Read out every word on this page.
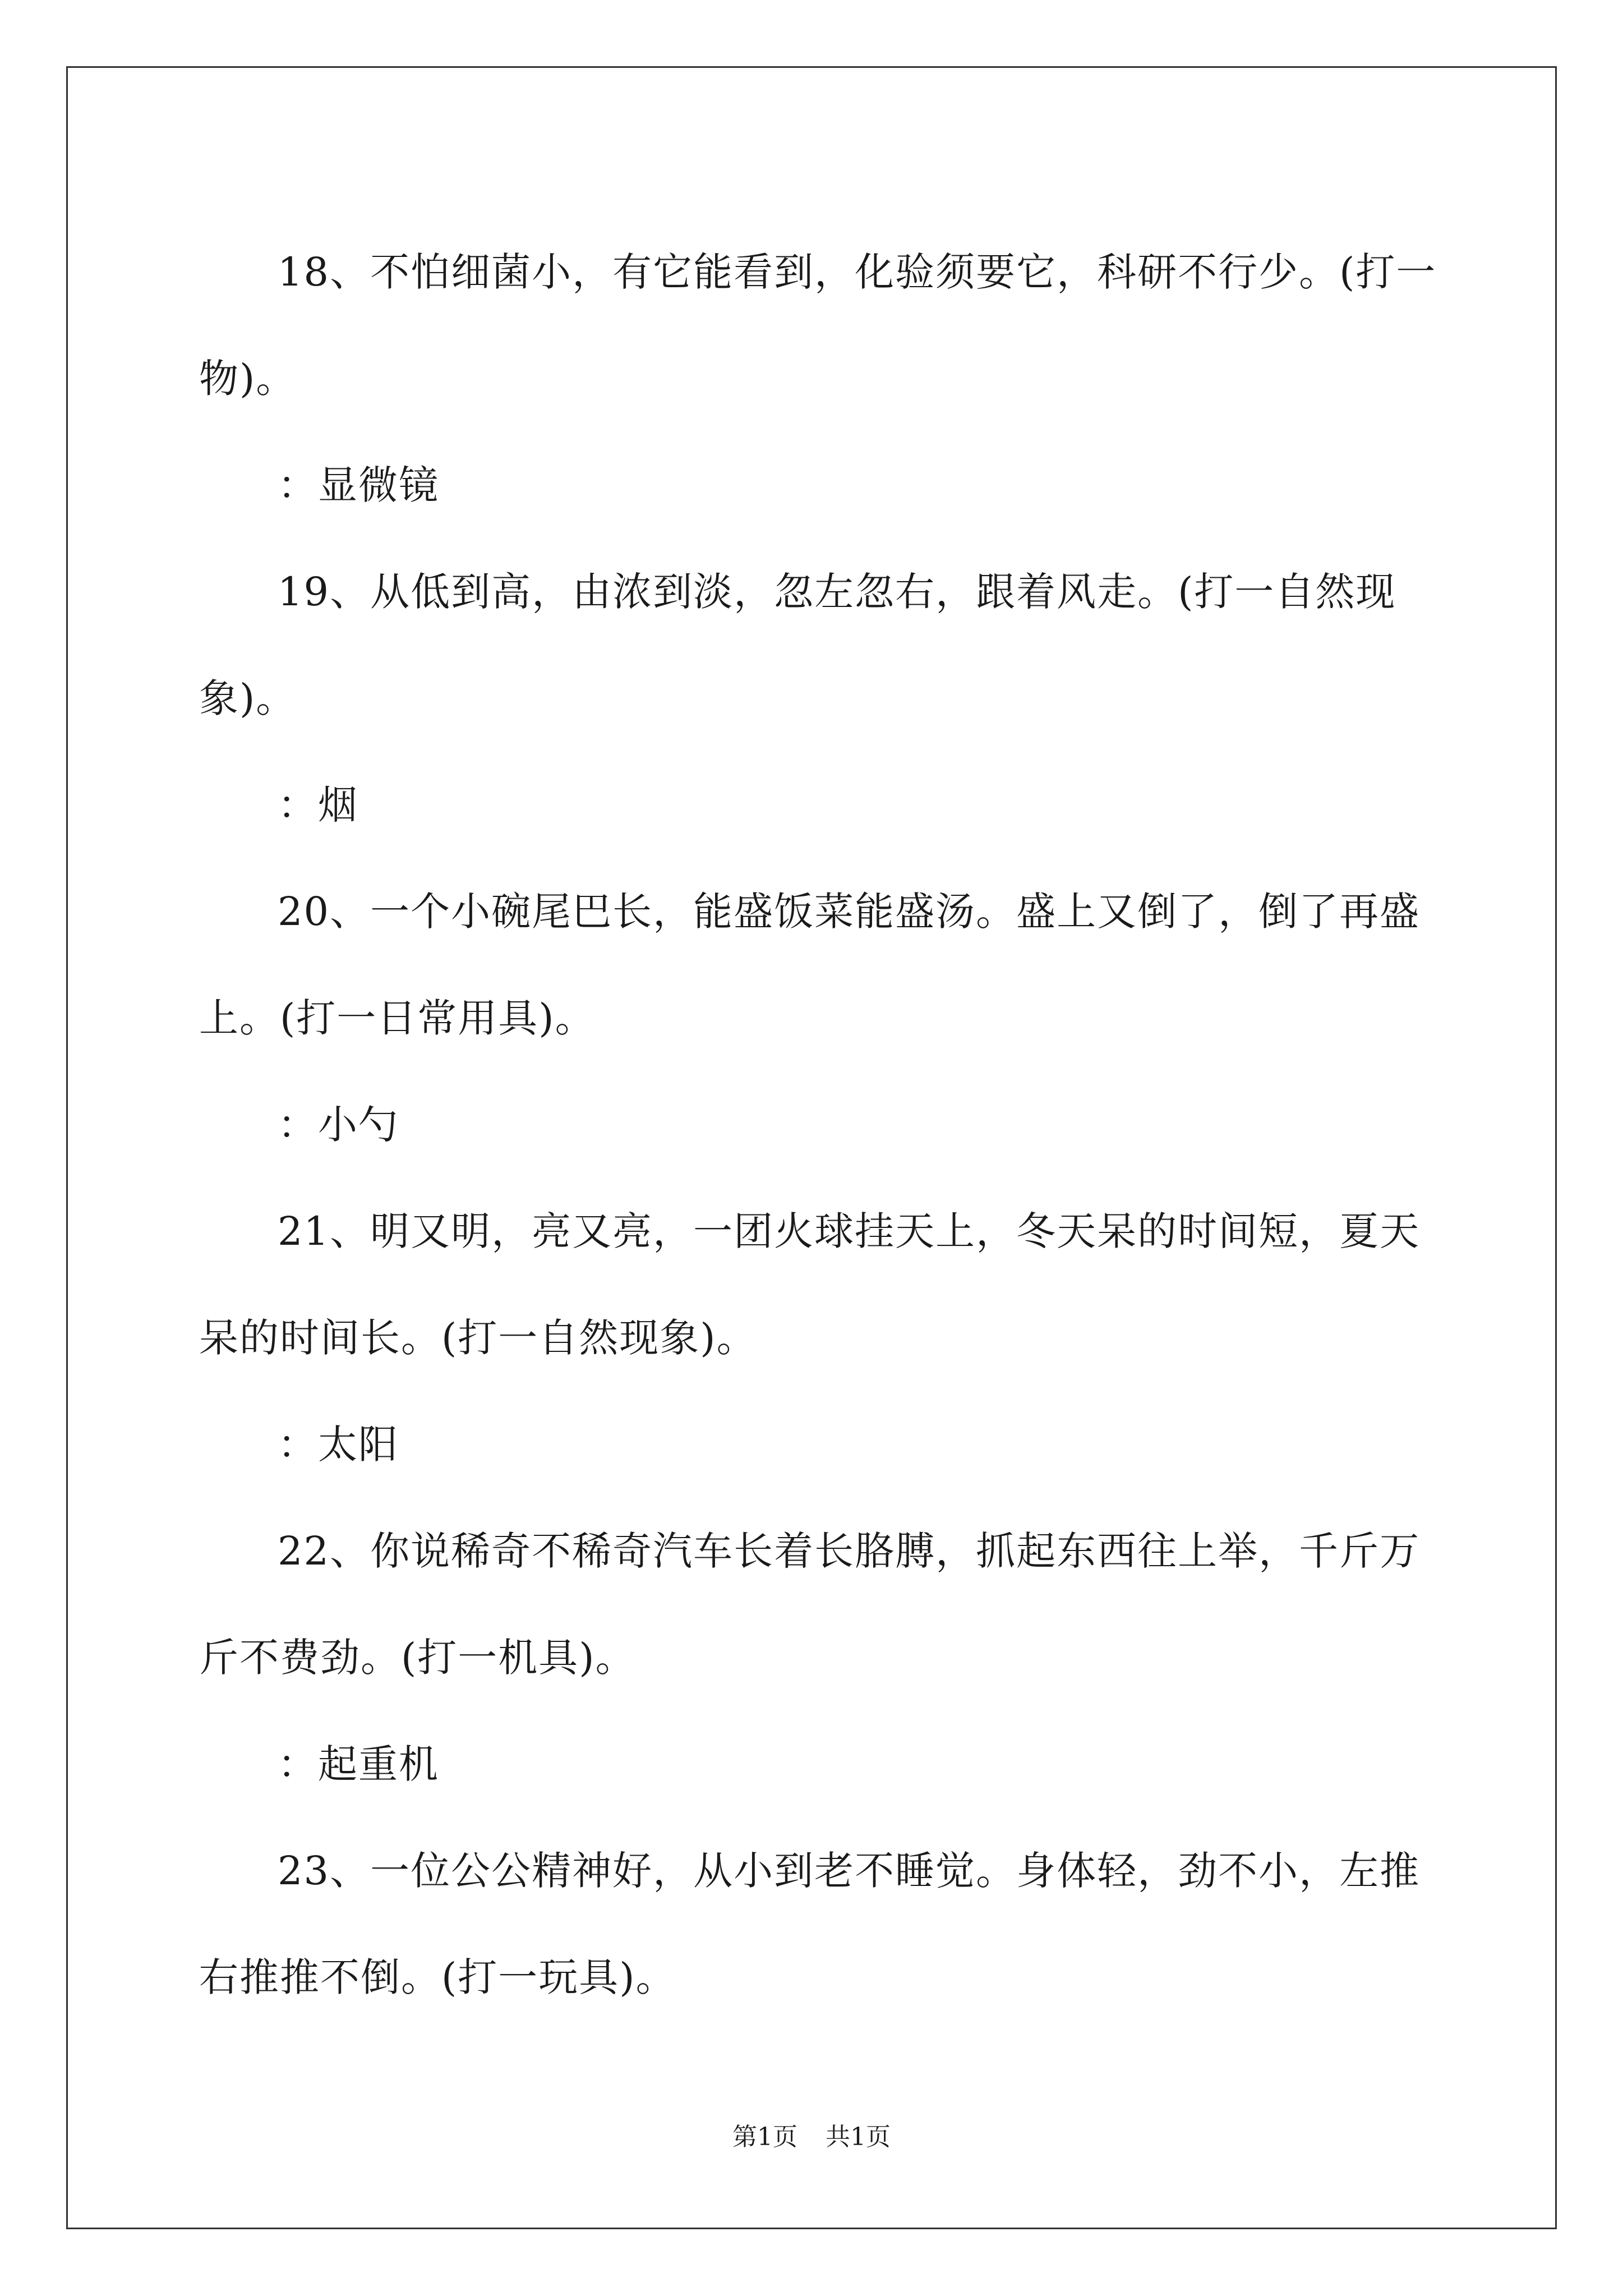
18、不怕细菌小，有它能看到，化验须要它，科研不行少。(打一
物)。
：显微镜
19、从低到高，由浓到淡，忽左忽右，跟着风走。(打一自然现
象)。
：烟
20、一个小碗尾巴长，能盛饭菜能盛汤。盛上又倒了，倒了再盛
上。(打一日常用具)。
：小勺
21、明又明，亮又亮，一团火球挂天上，冬天呆的时间短，夏天
呆的时间长。(打一自然现象)。
：太阳
22、你说稀奇不稀奇汽车长着长胳膊，抓起东西往上举，千斤万
斤不费劲。(打一机具)。
：起重机
23、一位公公精神好，从小到老不睡觉。身体轻，劲不小，左推
右推推不倒。(打一玩具)。
第1页 共1页
